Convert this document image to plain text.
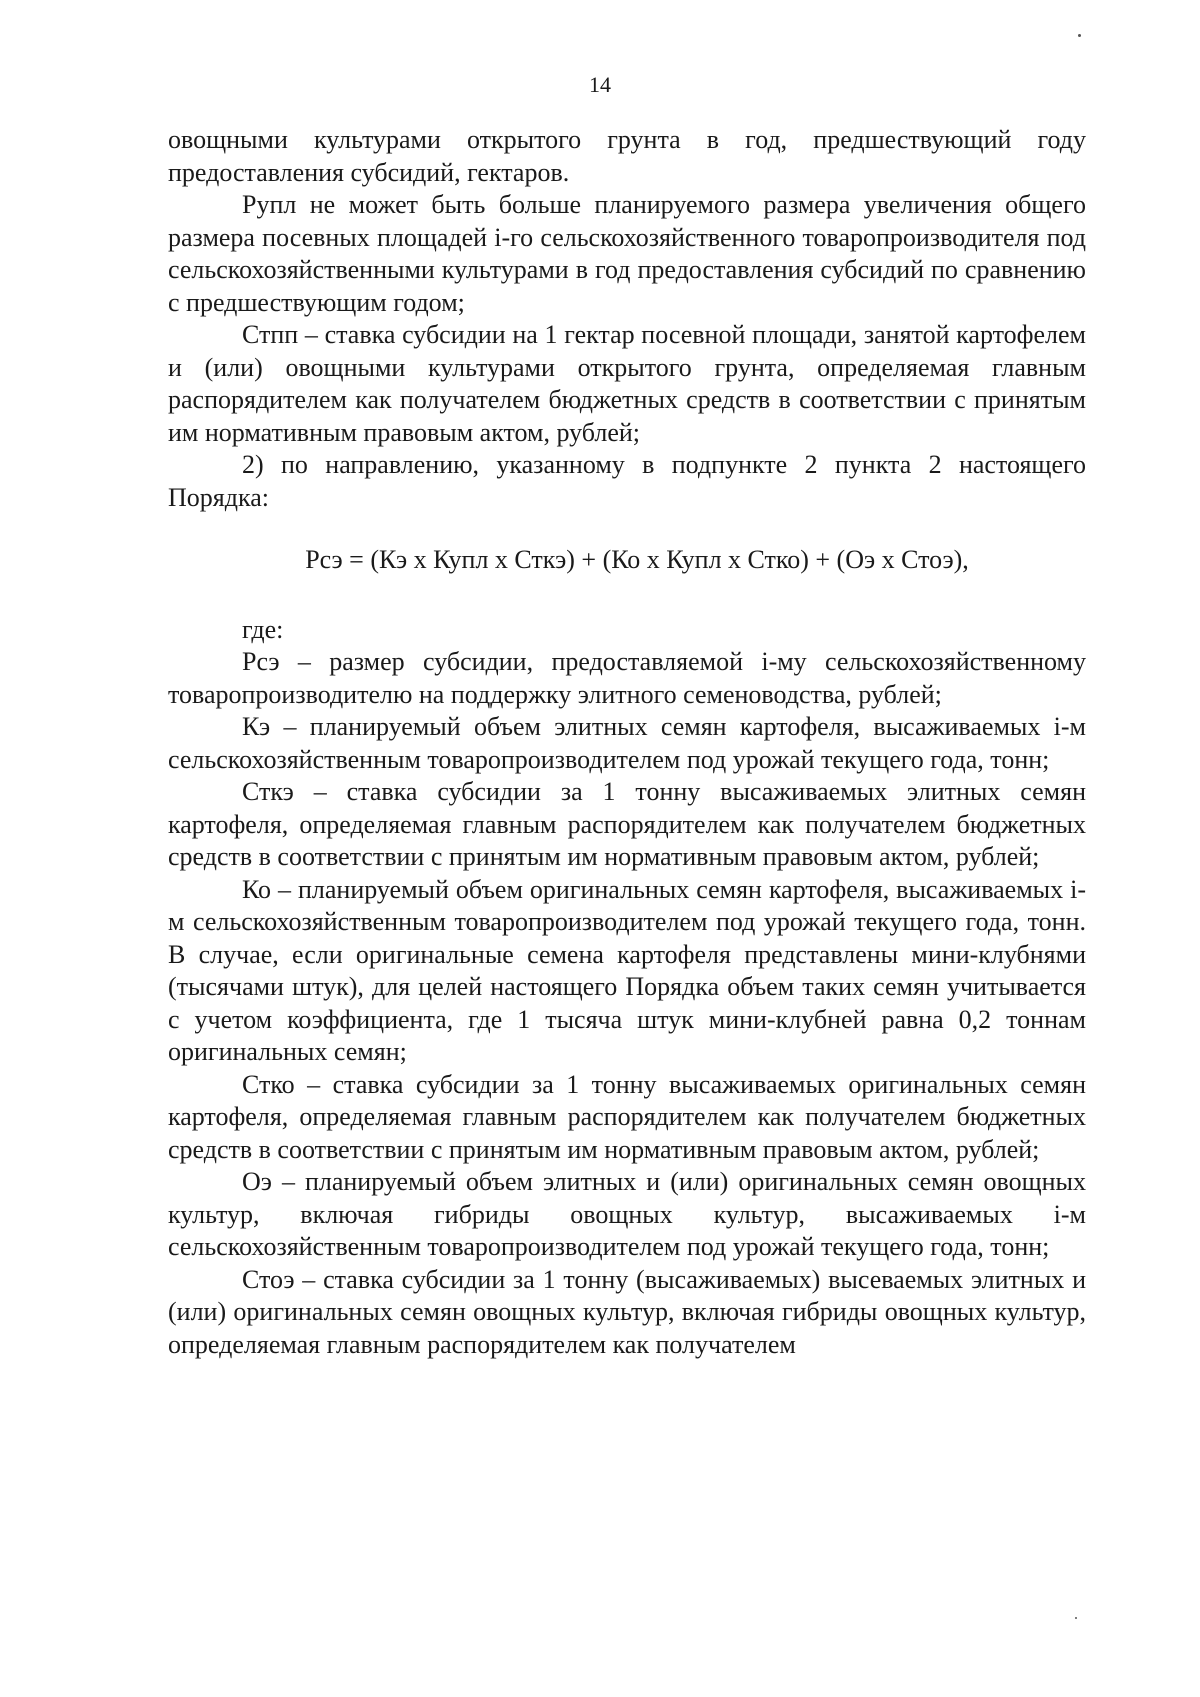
14

овощными культурами открытого грунта в год, предшествующий году предоставления субсидий, гектаров.

Рупл не может быть больше планируемого размера увеличения общего размера посевных площадей i-го сельскохозяйственного товаропроизводителя под сельскохозяйственными культурами в год предоставления субсидий по сравнению с предшествующим годом;

Стпп – ставка субсидии на 1 гектар посевной площади, занятой картофелем и (или) овощными культурами открытого грунта, определяемая главным распорядителем как получателем бюджетных средств в соответствии с принятым им нормативным правовым актом, рублей;

2) по направлению, указанному в подпункте 2 пункта 2 настоящего Порядка:

Рсэ = (Кэ х Купл х Сткэ) + (Ко х Купл х Стко) + (Оэ х Стоэ),

где:

Рсэ – размер субсидии, предоставляемой i-му сельскохозяйственному товаропроизводителю на поддержку элитного семеноводства, рублей;

Кэ – планируемый объем элитных семян картофеля, высаживаемых i-м сельскохозяйственным товаропроизводителем под урожай текущего года, тонн;

Сткэ – ставка субсидии за 1 тонну высаживаемых элитных семян картофеля, определяемая главным распорядителем как получателем бюджетных средств в соответствии с принятым им нормативным правовым актом, рублей;

Ко – планируемый объем оригинальных семян картофеля, высаживаемых i-м сельскохозяйственным товаропроизводителем под урожай текущего года, тонн. В случае, если оригинальные семена картофеля представлены мини-клубнями (тысячами штук), для целей настоящего Порядка объем таких семян учитывается с учетом коэффициента, где 1 тысяча штук мини-клубней равна 0,2 тоннам оригинальных семян;

Стко – ставка субсидии за 1 тонну высаживаемых оригинальных семян картофеля, определяемая главным распорядителем как получателем бюджетных средств в соответствии с принятым им нормативным правовым актом, рублей;

Оэ – планируемый объем элитных и (или) оригинальных семян овощных культур, включая гибриды овощных культур, высаживаемых i-м сельскохозяйственным товаропроизводителем под урожай текущего года, тонн;

Стоэ – ставка субсидии за 1 тонну (высаживаемых) высеваемых элитных и (или) оригинальных семян овощных культур, включая гибриды овощных культур, определяемая главным распорядителем как получателем
